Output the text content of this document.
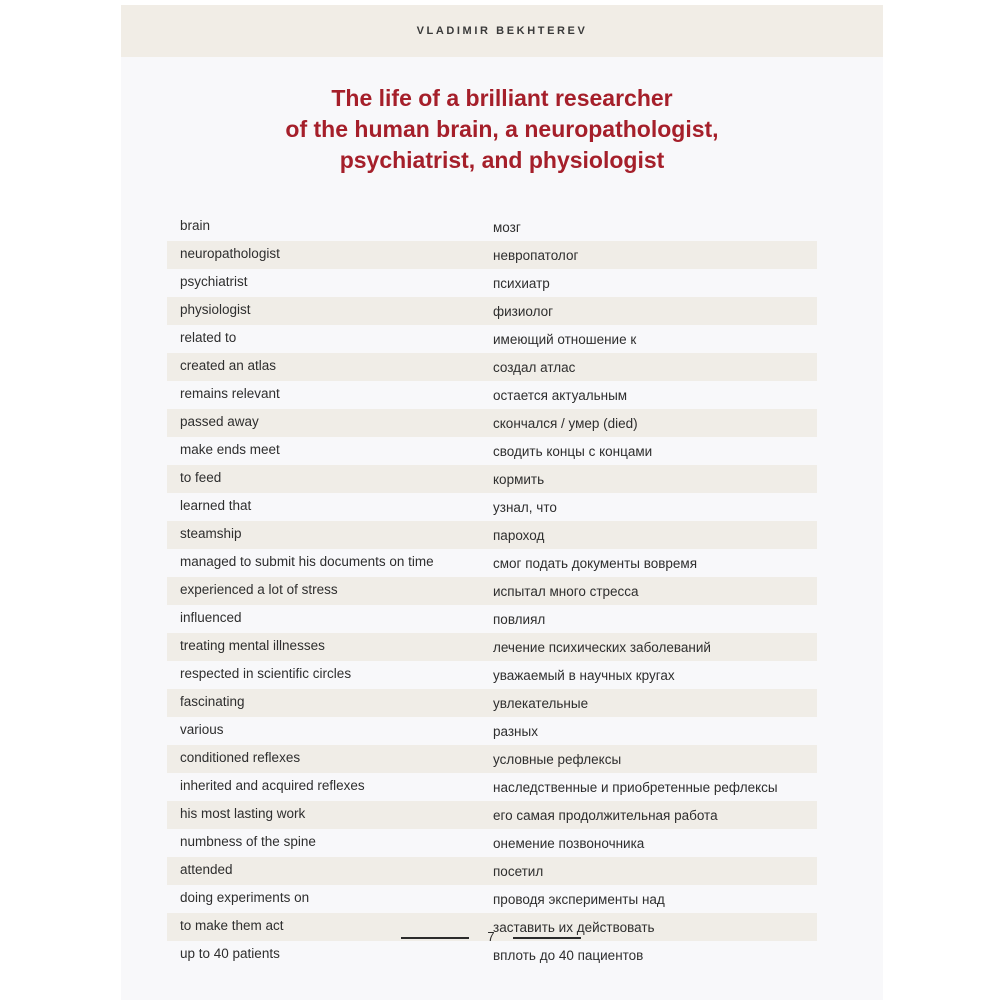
VLADIMIR BEKHTEREV
The life of a brilliant researcher
of the human brain, a neuropathologist,
psychiatrist, and physiologist
brain	мозг
neuropathologist	невропатолог
psychiatrist	психиатр
physiologist	физиолог
related to	имеющий отношение к
created an atlas	создал атлас
remains relevant	остается актуальным
passed away	скончался / умер (died)
make ends meet	сводить концы с концами
to feed	кормить
learned that	узнал, что
steamship	пароход
managed to submit his documents on time	смог подать документы вовремя
experienced a lot of stress	испытал много стресса
influenced	повлиял
treating mental illnesses	лечение психических заболеваний
respected in scientific circles	уважаемый в научных кругах
fascinating	увлекательные
various	разных
conditioned reflexes	условные рефлексы
inherited and acquired reflexes	наследственные и приобретенные рефлексы
his most lasting work	его самая продолжительная работа
numbness of the spine	онемение позвоночника
attended	посетил
doing experiments on	проводя эксперименты над
to make them act	заставить их действовать
up to 40 patients	вплоть до 40 пациентов
7
